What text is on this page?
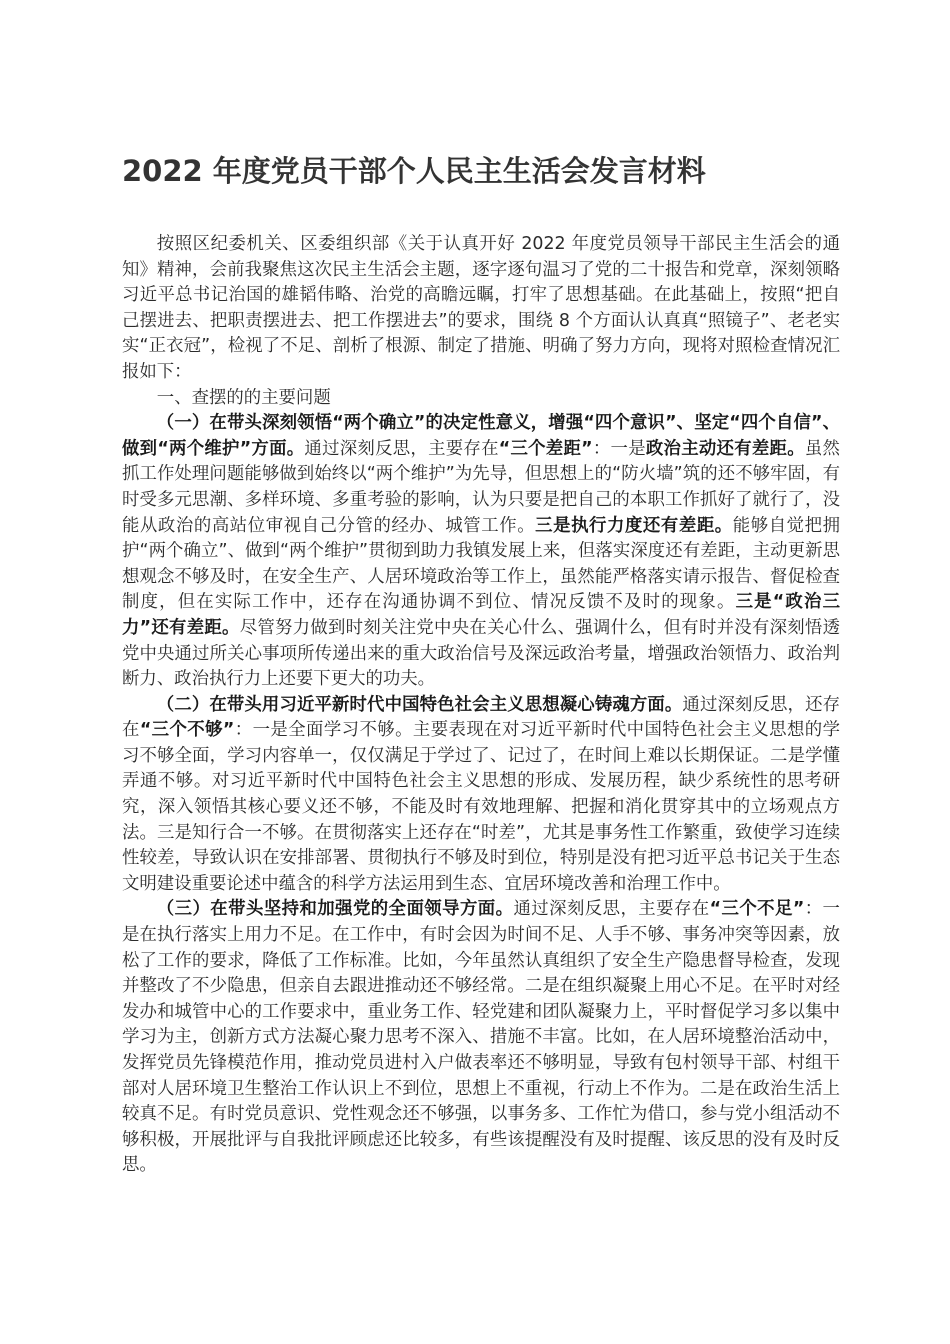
2022 年度党员干部个人民主生活会发言材料

按照区纪委机关、区委组织部《关于认真开好 2022 年度党员领导干部民主生活会的通知》精神，会前我聚焦这次民主生活会主题，逐字逐句温习了党的二十报告和党章，深刻领略习近平总书记治国的雄韬伟略、治党的高瞻远瞩，打牢了思想基础。在此基础上，按照“把自己摆进去、把职责摆进去、把工作摆进去”的要求，围绕 8 个方面认认真真“照镜子”、老老实实“正衣冠”，检视了不足、剖析了根源、制定了措施、明确了努力方向，现将对照检查情况汇报如下：

一、查摆的的主要问题

（一）在带头深刻领悟“两个确立”的决定性意义，增强“四个意识”、坚定“四个自信”、做到“两个维护”方面。通过深刻反思，主要存在“三个差距”：一是政治主动还有差距。虽然抓工作处理问题能够做到始终以“两个维护”为先导，但思想上的“防火墙”筑的还不够牢固，有时受多元思潮、多样环境、多重考验的影响，认为只要是把自己的本职工作抓好了就行了，没能从政治的高站位审视自己分管的经办、城管工作。三是执行力度还有差距。能够自觉把拥护“两个确立”、做到“两个维护”贯彻到助力我镇发展上来，但落实深度还有差距，主动更新思想观念不够及时，在安全生产、人居环境政治等工作上，虽然能严格落实请示报告、督促检查制度，但在实际工作中，还存在沟通协调不到位、情况反馈不及时的现象。三是“政治三力”还有差距。尽管努力做到时刻关注党中央在关心什么、强调什么，但有时并没有深刻悟透党中央通过所关心事项所传递出来的重大政治信号及深远政治考量，增强政治领悟力、政治判断力、政治执行力上还要下更大的功夫。

（二）在带头用习近平新时代中国特色社会主义思想凝心铸魂方面。通过深刻反思，还存在“三个不够”：一是全面学习不够。主要表现在对习近平新时代中国特色社会主义思想的学习不够全面，学习内容单一，仅仅满足于学过了、记过了，在时间上难以长期保证。二是学懂弄通不够。对习近平新时代中国特色社会主义思想的形成、发展历程，缺少系统性的思考研究，深入领悟其核心要义还不够，不能及时有效地理解、把握和消化贯穿其中的立场观点方法。三是知行合一不够。在贯彻落实上还存在“时差”，尤其是事务性工作繁重，致使学习连续性较差，导致认识在安排部署、贯彻执行不够及时到位，特别是没有把习近平总书记关于生态文明建设重要论述中蕴含的科学方法运用到生态、宜居环境改善和治理工作中。

（三）在带头坚持和加强党的全面领导方面。通过深刻反思，主要存在“三个不足”：一是在执行落实上用力不足。在工作中，有时会因为时间不足、人手不够、事务冲突等因素，放松了工作的要求，降低了工作标准。比如，今年虽然认真组织了安全生产隐患督导检查，发现并整改了不少隐患，但亲自去跟进推动还不够经常。二是在组织凝聚上用心不足。在平时对经发办和城管中心的工作要求中，重业务工作、轻党建和团队凝聚力上，平时督促学习多以集中学习为主，创新方式方法凝心聚力思考不深入、措施不丰富。比如，在人居环境整治活动中，发挥党员先锋模范作用，推动党员进村入户做表率还不够明显，导致有包村领导干部、村组干部对人居环境卫生整治工作认识上不到位，思想上不重视，行动上不作为。二是在政治生活上较真不足。有时党员意识、党性观念还不够强，以事务多、工作忙为借口，参与党小组活动不够积极，开展批评与自我批评顾虑还比较多，有些该提醒没有及时提醒、该反思的没有及时反思。
